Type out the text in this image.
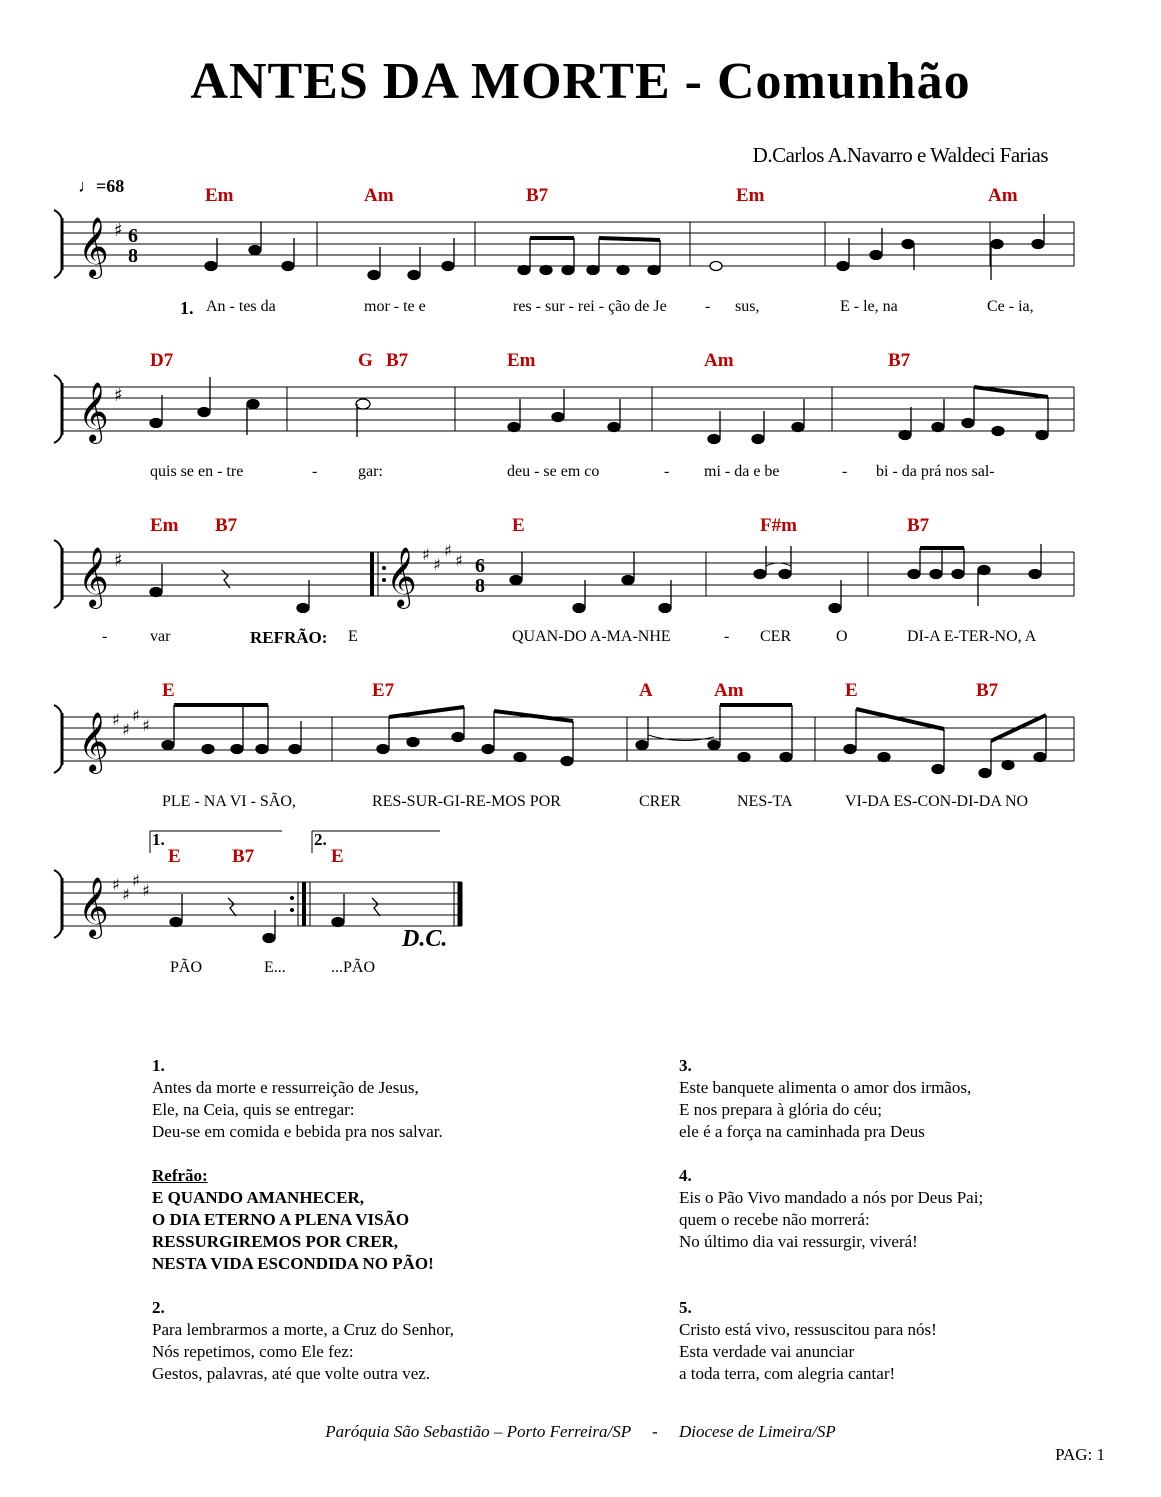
ANTES DA MORTE - Comunhão
D.Carlos A.Navarro e Waldeci Farias
♩=68	Em	Am	B7	Em	Am
𝄞 ♯ 6
8
1. An - tes da	mor - te e	res - sur - rei - ção de Je - sus,	E - le, na	Ce - ia,
D7	G B7	Em	Am	B7
𝄞 ♯
quis se en - tre	-	gar:	deu - se em co	- mi - da e be	- bi - da prá nos sal-
Em B7	E	F#m	B7
𝄞 ♯	𝄞 ♯
♯
♯
♯ 6
8
-	var	REFRÃO: E	QUAN-DO A-MA-NHE	- CER	O	DI-A E-TER-NO, A
E	E7	A	Am	E	B7
𝄞 ♯
♯
♯
♯
PLE - NA VI - SÃO,	RES-SUR-GI-RE-MOS POR	CRER	NES-TA	VI-DA ES-CON-DI-DA NO
1.	2.
E	B7	E
𝄞 ♯
♯
♯
♯
D.C.
PÃO	E...	...PÃO

1.
Antes da morte e ressurreição de Jesus,
Ele, na Ceia, quis se entregar:
Deu-se em comida e bebida pra nos salvar.

Refrão:
E QUANDO AMANHECER,
O DIA ETERNO A PLENA VISÃO
RESSURGIREMOS POR CRER,
NESTA VIDA ESCONDIDA NO PÃO!

2.
Para lembrarmos a morte, a Cruz do Senhor,
Nós repetimos, como Ele fez:
Gestos, palavras, até que volte outra vez.

3.
Este banquete alimenta o amor dos irmãos,
E nos prepara à glória do céu;
ele é a força na caminhada pra Deus

4.
Eis o Pão Vivo mandado a nós por Deus Pai;
quem o recebe não morrerá:
No último dia vai ressurgir, viverá!

5.
Cristo está vivo, ressuscitou para nós!
Esta verdade vai anunciar
a toda terra, com alegria cantar!

Paróquia São Sebastião – Porto Ferreira/SP     -     Diocese de Limeira/SP
PAG: 1
